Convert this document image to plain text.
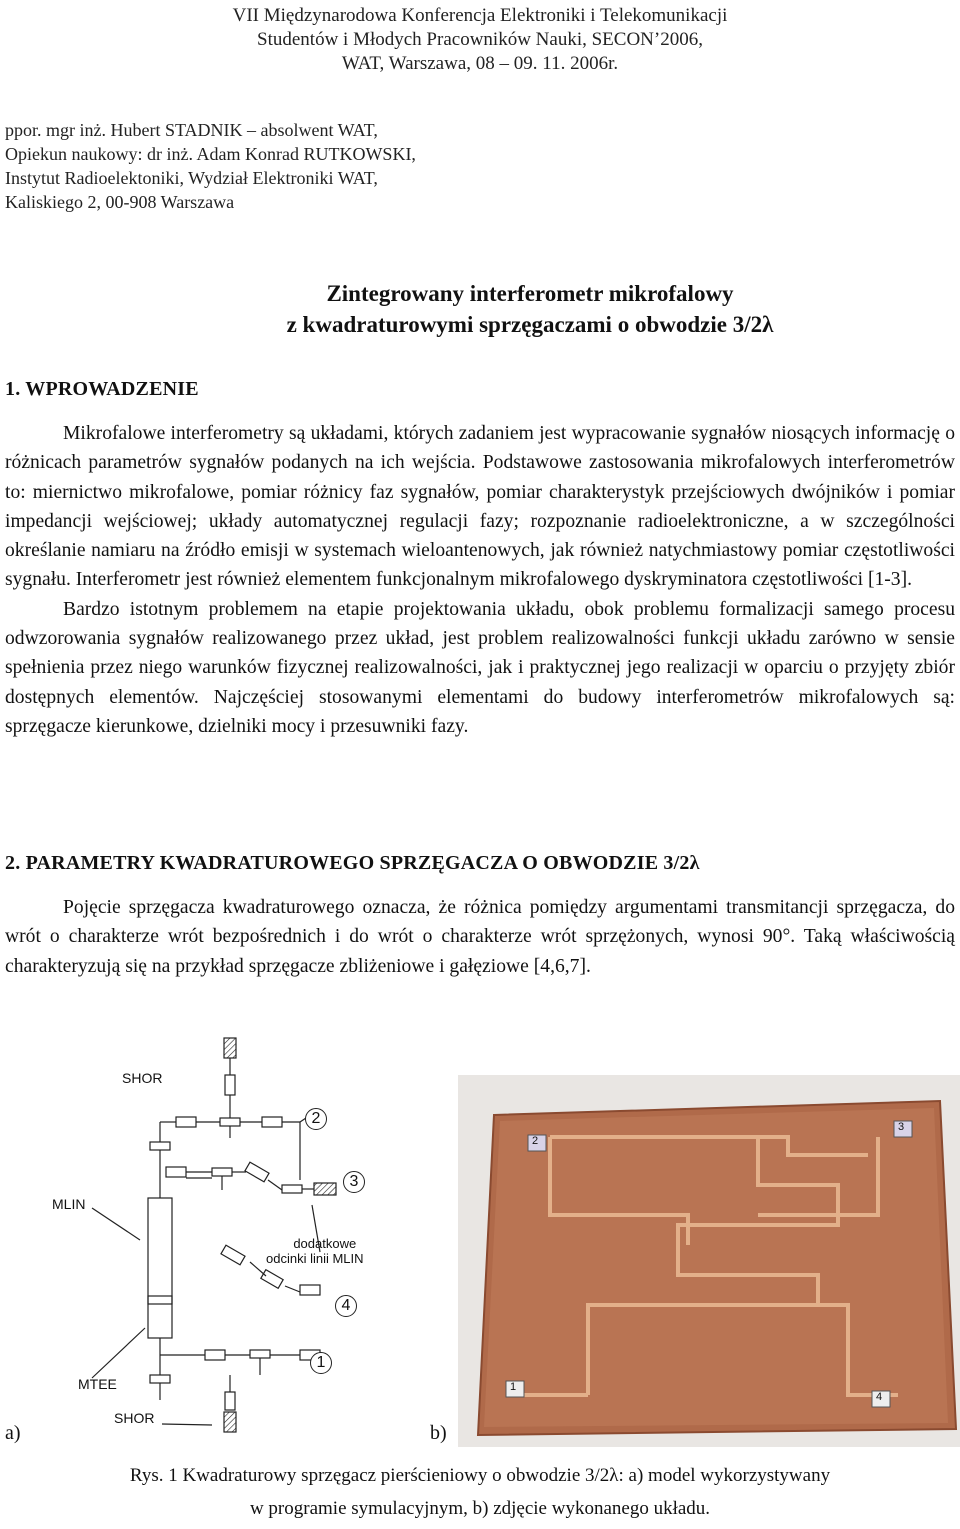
VII Międzynarodowa Konferencja Elektroniki i Telekomunikacji
Studentów i Młodych Pracowników Nauki, SECON’2006,
WAT, Warszawa, 08 – 09. 11. 2006r.
ppor. mgr inż. Hubert STADNIK – absolwent WAT,
Opiekun naukowy: dr inż. Adam Konrad RUTKOWSKI,
Instytut Radioelektoniki, Wydział Elektroniki WAT,
Kaliskiego 2, 00-908 Warszawa
Zintegrowany interferometr mikrofalowy
z kwadraturowymi sprzęgaczami o obwodzie 3/2λ
1. WPROWADZENIE

Mikrofalowe interferometry są układami, których zadaniem jest wypracowanie sygnałów niosących informację o różnicach parametrów sygnałów podanych na ich wejścia. Podstawowe zastosowania mikrofalowych interferometrów to: miernictwo mikrofalowe, pomiar różnicy faz sygnałów, pomiar charakterystyk przejściowych dwójników i pomiar impedancji wejściowej; układy automatycznej regulacji fazy; rozpoznanie radioelektroniczne, a w szczególności określanie namiaru na źródło emisji w systemach wieloantenowych, jak również natychmiastowy pomiar częstotliwości sygnału. Interferometr jest również elementem funkcjonalnym mikrofalowego dyskryminatora częstotliwości [1-3].

Bardzo istotnym problemem na etapie projektowania układu, obok problemu formalizacji samego procesu odwzorowania sygnałów realizowanego przez układ, jest problem realizowalności funkcji układu zarówno w sensie spełnienia przez niego warunków fizycznej realizowalności, jak i praktycznej jego realizacji w oparciu o przyjęty zbiór dostępnych elementów. Najczęściej stosowanymi elementami do budowy interferometrów mikrofalowych są: sprzęgacze kierunkowe, dzielniki mocy i przesuwniki fazy.

2. PARAMETRY KWADRATUROWEGO SPRZĘGACZA O OBWODZIE 3/2λ

Pojęcie sprzęgacza kwadraturowego oznacza, że różnica pomiędzy argumentami transmitancji sprzęgacza, do wrót o charakterze wrót bezpośrednich i do wrót o charakterze wrót sprzężonych, wynosi 90°. Taką właściwością charakteryzują się na przykład sprzęgacze zbliżeniowe i gałęziowe [4,6,7].

SHOR
MLIN
MTEE
SHOR
dodatkowe
odcinki linii MLIN
2
3
4
1
2
3
1
4
a)	b)
Rys. 1 Kwadraturowy sprzęgacz pierścieniowy o obwodzie 3/2λ: a) model wykorzystywany
w programie symulacyjnym, b) zdjęcie wykonanego układu.
